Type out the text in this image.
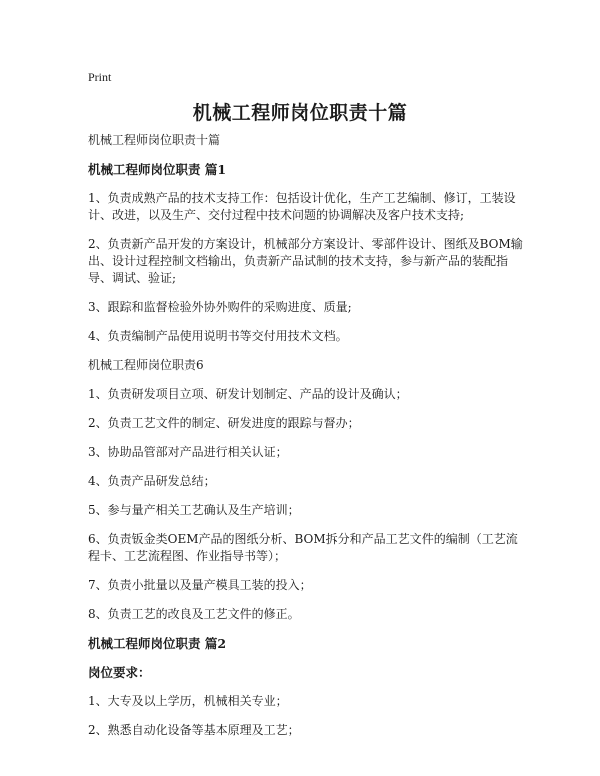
Print
机械工程师岗位职责十篇
机械工程师岗位职责十篇
机械工程师岗位职责 篇1
1、负责成熟产品的技术支持工作：包括设计优化，生产工艺编制、修订，工装设计、改进，以及生产、交付过程中技术问题的协调解决及客户技术支持;
2、负责新产品开发的方案设计，机械部分方案设计、零部件设计、图纸及BOM输出、设计过程控制文档输出，负责新产品试制的技术支持，参与新产品的装配指导、调试、验证;
3、跟踪和监督检验外协外购件的采购进度、质量;
4、负责编制产品使用说明书等交付用技术文档。
机械工程师岗位职责6
1、负责研发项目立项、研发计划制定、产品的设计及确认；
2、负责工艺文件的制定、研发进度的跟踪与督办；
3、协助品管部对产品进行相关认证；
4、负责产品研发总结；
5、参与量产相关工艺确认及生产培训；
6、负责钣金类OEM产品的图纸分析、BOM拆分和产品工艺文件的编制（工艺流程卡、工艺流程图、作业指导书等）；
7、负责小批量以及量产模具工装的投入；
8、负责工艺的改良及工艺文件的修正。
机械工程师岗位职责 篇2
岗位要求：
1、大专及以上学历，机械相关专业；
2、熟悉自动化设备等基本原理及工艺；
